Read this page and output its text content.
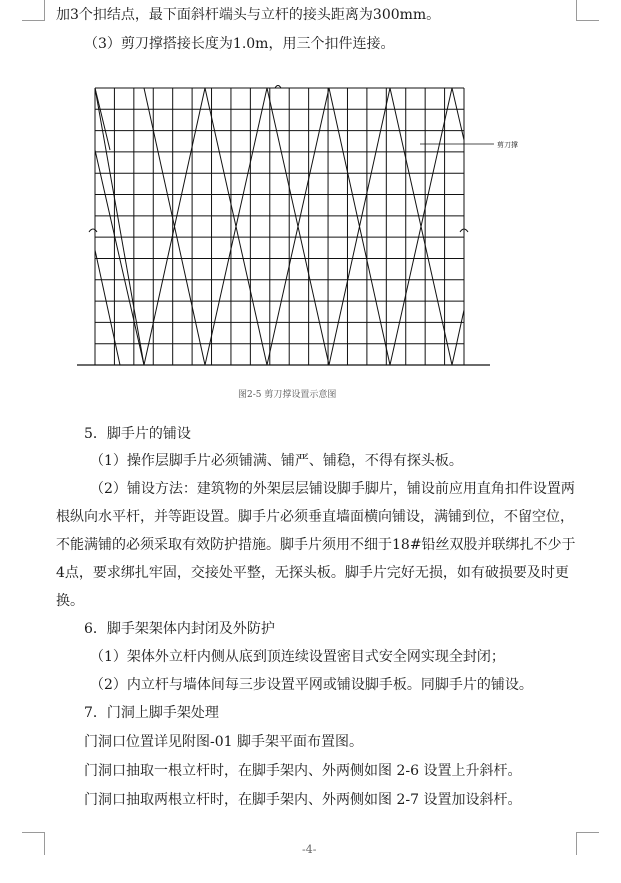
加3个扣结点，最下面斜杆端头与立杆的接头距离为300mm。
（3）剪刀撑搭接长度为1.0m，用三个扣件连接。
剪刀撑
图2-5 剪刀撑设置示意图
5．脚手片的铺设
（1）操作层脚手片必须铺满、铺严、铺稳，不得有探头板。
（2）铺设方法：建筑物的外架层层铺设脚手脚片，铺设前应用直角扣件设置两
根纵向水平杆，并等距设置。脚手片必须垂直墙面横向铺设，满铺到位，不留空位，
不能满铺的必须采取有效防护措施。脚手片须用不细于18#铅丝双股并联绑扎不少于
4点，要求绑扎牢固，交接处平整，无探头板。脚手片完好无损，如有破损要及时更
换。
6．脚手架架体内封闭及外防护
（1）架体外立杆内侧从底到顶连续设置密目式安全网实现全封闭；
（2）内立杆与墙体间每三步设置平网或铺设脚手板。同脚手片的铺设。
7．门洞上脚手架处理
门洞口位置详见附图-01 脚手架平面布置图。
门洞口抽取一根立杆时，在脚手架内、外两侧如图 2-6 设置上升斜杆。
门洞口抽取两根立杆时，在脚手架内、外两侧如图 2-7 设置加设斜杆。
-4-
